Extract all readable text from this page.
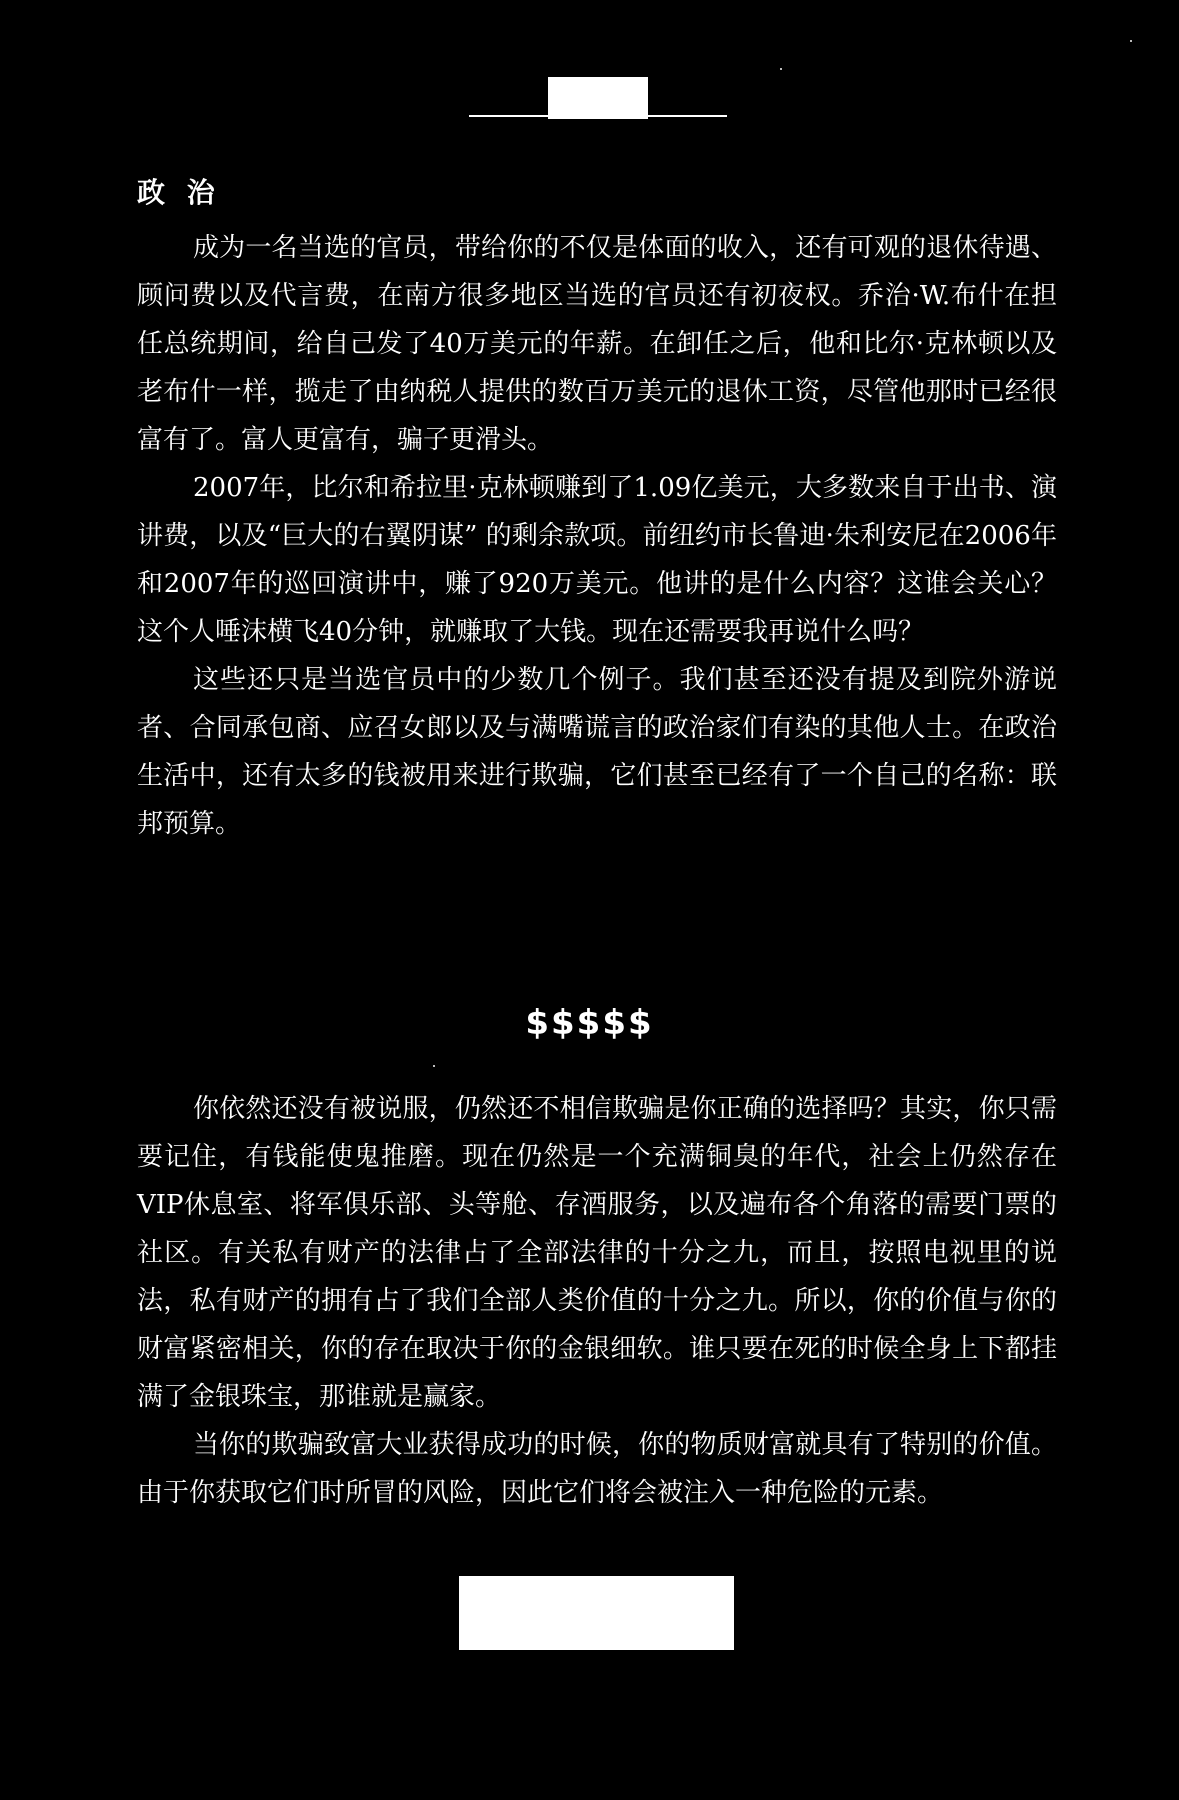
政 治

成为一名当选的官员，带给你的不仅是体面的收入，还有可观的退休待遇、顾问费以及代言费，在南方很多地区当选的官员还有初夜权。乔治·W.布什在担任总统期间，给自己发了40万美元的年薪。在卸任之后，他和比尔·克林顿以及老布什一样，揽走了由纳税人提供的数百万美元的退休工资，尽管他那时已经很富有了。富人更富有，骗子更滑头。

2007年，比尔和希拉里·克林顿赚到了1.09亿美元，大多数来自于出书、演讲费，以及“巨大的右翼阴谋” 的剩余款项。前纽约市长鲁迪·朱利安尼在2006年和2007年的巡回演讲中，赚了920万美元。他讲的是什么内容？这谁会关心？这个人唾沫横飞40分钟，就赚取了大钱。现在还需要我再说什么吗？

这些还只是当选官员中的少数几个例子。我们甚至还没有提及到院外游说者、合同承包商、应召女郎以及与满嘴谎言的政治家们有染的其他人士。在政治生活中，还有太多的钱被用来进行欺骗，它们甚至已经有了一个自己的名称：联邦预算。

$$$$$

你依然还没有被说服，仍然还不相信欺骗是你正确的选择吗？其实，你只需要记住，有钱能使鬼推磨。现在仍然是一个充满铜臭的年代，社会上仍然存在VIP休息室、将军俱乐部、头等舱、存酒服务，以及遍布各个角落的需要门票的社区。有关私有财产的法律占了全部法律的十分之九，而且，按照电视里的说法，私有财产的拥有占了我们全部人类价值的十分之九。所以，你的价值与你的财富紧密相关，你的存在取决于你的金银细软。谁只要在死的时候全身上下都挂满了金银珠宝，那谁就是赢家。

当你的欺骗致富大业获得成功的时候，你的物质财富就具有了特别的价值。由于你获取它们时所冒的风险，因此它们将会被注入一种危险的元素。
